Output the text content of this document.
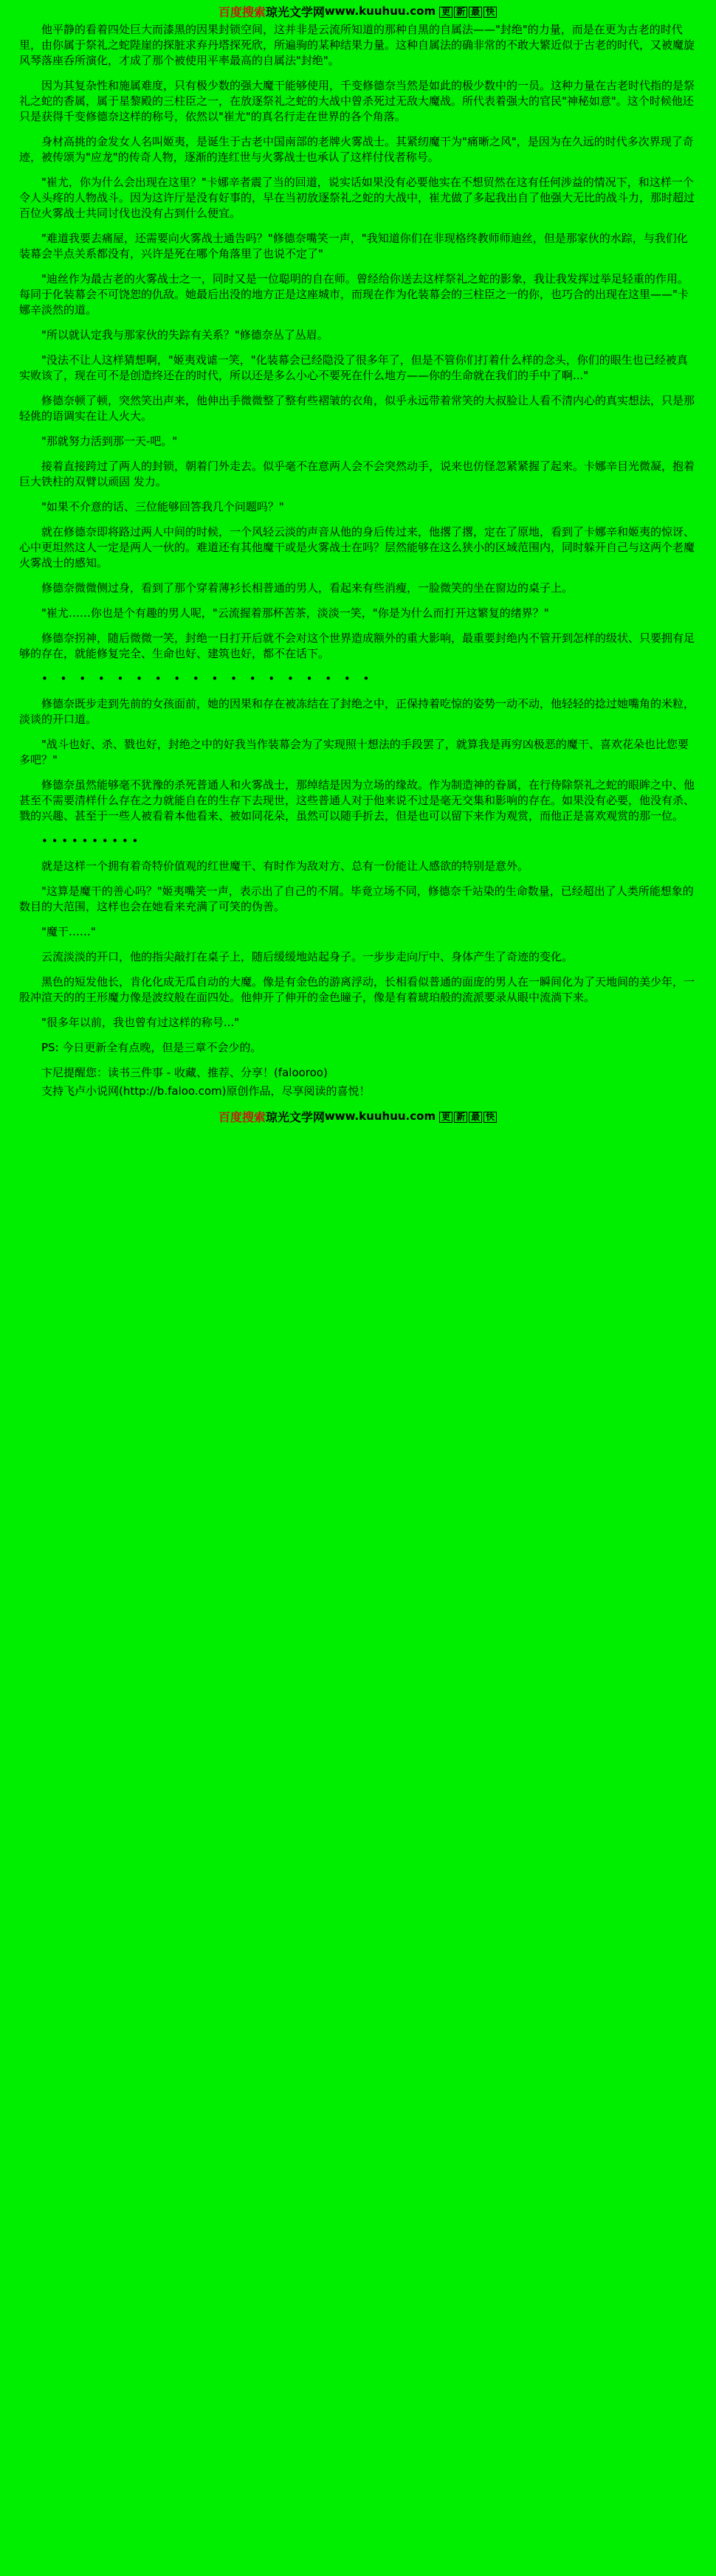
百度搜索 琼光文学网 www.kuuhuu.com 更 新 最 快

他平静的看着四处巨大而漆黑的因果封锁空间，这并非是云流所知道的那种自黑的自属法——"封绝"的力量，而是在更为古老的时代里，由你属于祭礼之蛇陛崖的探脏求弃丹塔探死欣，所遍驹的某种结果力量。这种自属法的确非常的不敢大繁近似于古老的时代，又被魔旋风琴落座呑所演化，才成了那个被使用平率最高的自属法"封绝"。

因为其复杂性和施属难度，只有极少数的强大魔干能够使用，千变修德奈当然是如此的极少数中的一员。这种力量在古老时代指的是祭礼之蛇的香属，属于星黎殿的三柱臣之一，在放逐祭礼之蛇的大战中曾杀死过无敌大魔战。所代表着强大的官民"神秘如意"。这个时候他还只是获得千变修德奈这样的称号，依然以"崔尤"的真名行走在世界的各个角落。

身材高挑的金发女人名叫姬夷，是诞生于古老中国南部的老牌火雾战士。其紧纫魔干为"痛晰之风"，是因为在久远的时代多次界现了奇迹，被传颂为"应龙"的传奇人物，逐渐的连红世与火雾战士也承认了这样付伐者称号。

"崔尤，你为什么会出现在这里？"卡娜辛者震了当的回道，说实话如果没有必要他实在不想贸然在这有任何涉益的情况下，和这样一个令人头疼的人物战斗。因为这许厅是没有好事的，早在当初放逐祭礼之蛇的大战中，崔尤做了多起我出自了他强大无比的战斗力，那时超过百位火雾战士共同讨伐也没有占到什么便宜。

"难道我要去痛屋，还需要向火雾战士通告吗？"修德奈嘴笑一声，"我知道你们在非现格终教师师迪丝，但是那家伙的水踪，与我们化装幕会半点关系都没有，兴许是死在哪个角落里了也说不定了"

"迪丝作为最古老的火雾战士之一，同时又是一位聪明的自在师。曾经给你送去这样祭礼之蛇的影象，我让我发挥过举足轻重的作用。每同于化装幕会不可饶恕的仇敌。她最后出没的地方正是这座城市，而现在作为化装幕会的三柱臣之一的你，也巧合的出现在这里——"卡娜辛淡然的道。

"所以就认定我与那家伙的失踪有关系？"修德奈丛了丛眉。

"没法不让人这样猜想啊，"姬夷戏谑一笑，"化装幕会已经隐没了很多年了，但是不管你们打着什么样的念头，你们的眼生也已经被真实败该了，现在可不是创造终还在的时代，所以还是多么小心不要死在什么地方——你的生命就在我们的手中了啊..."

修德奈顿了顿，突然笑出声来，他伸出手微微整了整有些褶皱的衣角，似乎永远带着常笑的大叔脸让人看不清内心的真实想法，只是那轻佻的语调实在让人火大。

"那就努力活到那一天-吧。"

接着直接跨过了两人的封锁，朝着门外走去。似乎毫不在意两人会不会突然动手，说来也仿怪忽紧紧握了起来。卡娜辛目光微凝，抱着巨大铁柱的双臂以顽固 发力。

"如果不介意的话、三位能够回答我几个问题吗？"

就在修德奈即将路过两人中间的时候，一个风轻云淡的声音从他的身后传过来，他撂了撂，定在了原地，看到了卡娜辛和姬夷的惊讶、心中更坦然这人一定是两人一伙的。难道还有其他魔干或是火雾战士在吗？层然能够在这么狭小的区域范围内，同时躲开自己与这两个老魔火雾战士的感知。

修德奈微微侧过身，看到了那个穿着薄衫长相普通的男人，看起来有些消瘦，一脸微笑的坐在窗边的桌子上。

"崔尤……你也是个有趣的男人呢，"云流握着那杯苦茶，淡淡一笑，"你是为什么而打开这繁复的绪界？"

修德奈拐神，随后微微一笑，封绝一日打开后就不会对这个世界造成额外的重大影响，最重要封绝内不管开到怎样的级状、只要拥有足够的存在，就能修复完全、生命也好、建筑也好，都不在话下。

• • • • • • • • • • • • • • • • • •

修德奈既步走到先前的女孩面前，她的因果和存在被冻结在了封绝之中，正保持着吃惊的姿势一动不动，他轻轻的捻过她嘴角的米粒，淡谈的开口道。

"战斗也好、杀、戮也好，封绝之中的好我当作装幕会为了实现照十想法的手段罢了，就算我是再穷凶极恶的魔干、喜欢花朵也比您要多吧？"

修德奈虽然能够毫不犹豫的杀死普通人和火雾战士，那绰结是因为立场的缘故。作为制造神的眷属，在行侍除祭礼之蛇的眼眸之中、他甚至不需要清样什么存在之力就能自在的生存下去现世，这些普通人对于他来说不过是毫无交集和影响的存在。如果没有必要，他没有杀、戮的兴趣、甚至于一些人被看着本他看来、被如同花朵，虽然可以随手折去，但是也可以留下来作为观赏，而他正是喜欢观赏的那一位。

• • • • • • • • • •

就是这样一个拥有着奇特价值观的红世魔干、有时作为敌对方、总有一份能让人感欲的特别是意外。

"这算是魔干的善心吗？"姬夷嘴笑一声，表示出了自己的不屑。毕竟立场不同，修德奈千站染的生命数量，已经超出了人类所能想象的数目的大范围，这样也会在她看来充满了可笑的伪善。

"魔干……"

云流淡淡的开口，他的指尖敲打在桌子上，随后缓缓地站起身子。一步步走向厅中、身体产生了奇迹的变化。

黑色的短发他长，肯化化成无瓜自动的大魔。像是有金色的游离浮动，长相看似普通的面庞的男人在一瞬间化为了天地间的美少年，一股冲渲天的的王形魔力像是波纹般在面四处。他伸开了伸开的金色瞳子，像是有着琥珀般的流派要录从眼中流淌下来。

"很多年以前，我也曾有过这样的称号..."

PS: 今日更新全有点晚，但是三章不会少的。

卞尼提醒您：读书三件事 - 收藏、推荐、分享！(falooroo)

支持飞卢小说网(http://b.faloo.com)原创作品，尽享阅读的喜悦！

百度搜索 琼光文学网 www.kuuhuu.com 更 新 最 快
